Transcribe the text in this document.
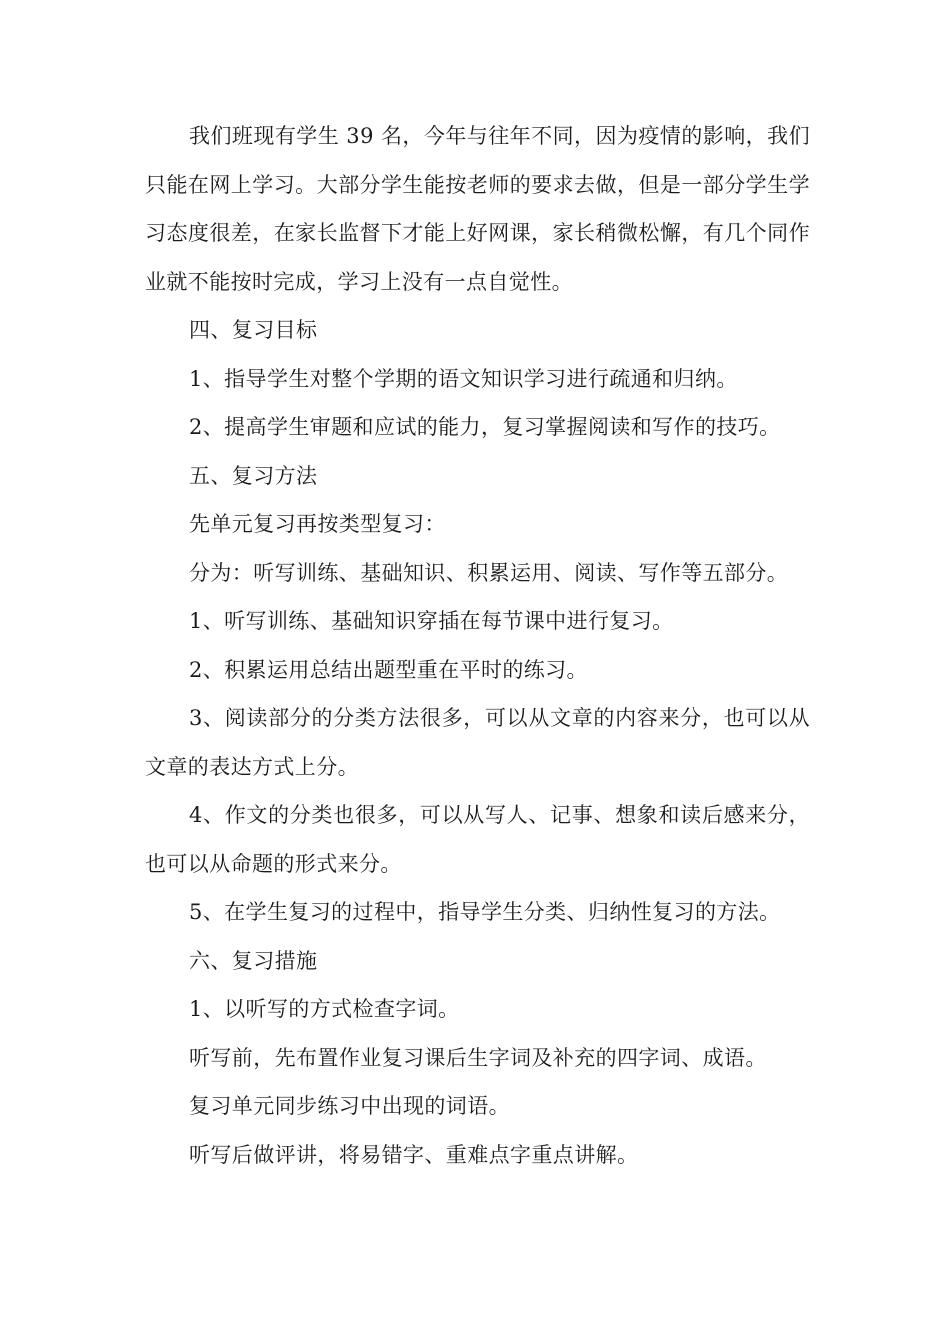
我们班现有学生 39 名，今年与往年不同，因为疫情的影响，我们只能在网上学习。大部分学生能按老师的要求去做，但是一部分学生学习态度很差，在家长监督下才能上好网课，家长稍微松懈，有几个同作业就不能按时完成，学习上没有一点自觉性。

四、复习目标

1、指导学生对整个学期的语文知识学习进行疏通和归纳。

2、提高学生审题和应试的能力，复习掌握阅读和写作的技巧。

五、复习方法

先单元复习再按类型复习：

分为：听写训练、基础知识、积累运用、阅读、写作等五部分。

1、听写训练、基础知识穿插在每节课中进行复习。

2、积累运用总结出题型重在平时的练习。

3、阅读部分的分类方法很多，可以从文章的内容来分，也可以从文章的表达方式上分。

4、作文的分类也很多，可以从写人、记事、想象和读后感来分，也可以从命题的形式来分。

5、在学生复习的过程中，指导学生分类、归纳性复习的方法。

六、复习措施

1、以听写的方式检查字词。

听写前，先布置作业复习课后生字词及补充的四字词、成语。

复习单元同步练习中出现的词语。

听写后做评讲，将易错字、重难点字重点讲解。
